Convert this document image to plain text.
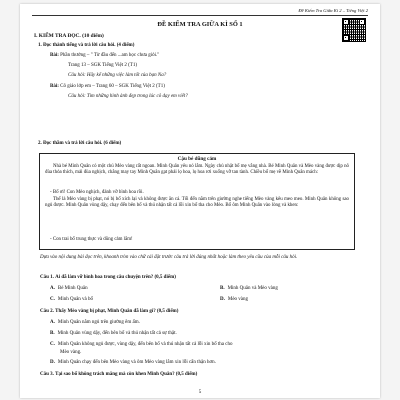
Đề Kiểm Tra Giữa Kì 2 – Tiếng Việt 2
ĐỀ KIỂM TRA GIỮA KÌ SỐ 1
I. KIỂM TRA ĐỌC. (10 điểm)
1. Đọc thành tiếng và trả lời câu hỏi. (4 điểm)
Bài: Phần thưởng – " Từ đầu đến ...am học chưa giỏi."
Trang 13 – SGK Tiếng Việt 2 (T1)
Câu hỏi: Hãy kể những việc làm tốt của bạn Na?
Bài: Cô giáo lớp em – Trang 60 – SGK Tiếng Việt 2 (T1)
Câu hỏi: Tìm những hình ảnh đẹp trong lúc cô dạy em viết?
2. Đọc thầm và trả lời câu hỏi. (6 điểm)
Cậu bé dũng cảm
Nhà bé Minh Quân có một chú Mèo vàng rất ngoan. Minh Quân yêu nó lắm. Ngày chủ nhật bố mẹ vắng nhà. Bé Minh Quân và Mèo vàng được dịp nô đùa thỏa thích, mải đùa nghịch, chẳng may tay Minh Quân gạt phải lọ hoa, lọ hoa rơi xuống vỡ tan tành. Chiều bố mẹ về Minh Quân mách:
- Bố ơi! Con Mèo nghịch, đánh vỡ bình hoa rồi.
Thế là Mèo vàng bị phạt, nó bị bố xích lại và không được ăn cá. Tối đến nằm trên giường nghe tiếng Mèo vàng kêu meo meo. Minh Quân không sao ngủ được. Minh Quân vùng dậy, chạy đến bên bố và thú nhận tất cả lỗi xin bố tha cho Mèo. Bố ôm Minh Quân vào lòng và khen:
- Con trai bố trung thực và dũng cảm lắm!
Dựa vào nội dung bài đọc trên, khoanh tròn vào chữ cái đặt trước câu trả lời đúng nhất hoặc làm theo yêu cầu của mỗi câu hỏi.
Câu 1. Ai đã làm vỡ bình hoa trong câu chuyện trên? (0,5 điểm)
A. Bé Minh Quân	B. Minh Quân và Mèo vàng
C. Minh Quân và bố	D. Mèo vàng
Câu 2. Thấy Mèo vàng bị phạt, Minh Quân đã làm gì? (0,5 điểm)
A. Minh Quân nằm ngủ trên giường êm ấm.
B. Minh Quân vùng dậy, đến bên bố và thú nhận tất cả sự thật.
C. Minh Quân không ngủ được, vùng dậy, đến bên bố và thú nhận tất cả lỗi xin bố tha cho
Mèo vàng.
D. Minh Quân chạy đến bên Mèo vàng và ôm Mèo vàng lắm xin lỗi cẩn thận hơn.
Câu 3. Tại sao bố không trách mắng mà còn khen Minh Quân? (0,5 điểm)
5
